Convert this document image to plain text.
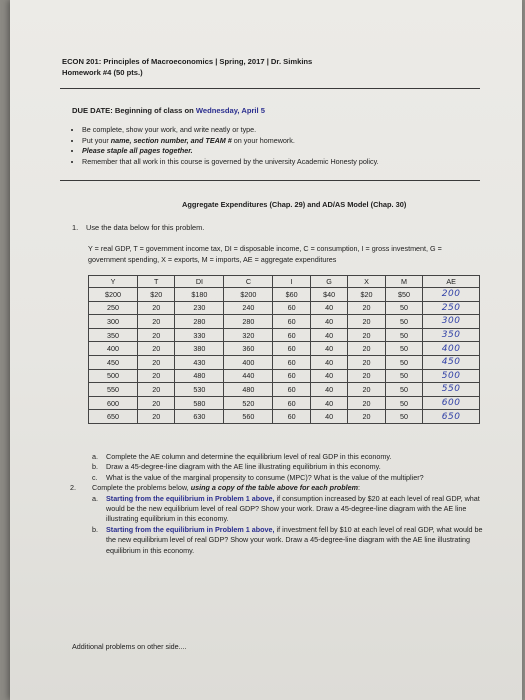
ECON 201: Principles of Macroeconomics | Spring, 2017 | Dr. Simkins
Homework #4 (50 pts.)
DUE DATE: Beginning of class on Wednesday, April 5
• Be complete, show your work, and write neatly or type.
• Put your name, section number, and TEAM # on your homework.
• Please staple all pages together.
• Remember that all work in this course is governed by the university Academic Honesty policy.
Aggregate Expenditures (Chap. 29) and AD/AS Model (Chap. 30)
1. Use the data below for this problem.
Y = real GDP, T = government income tax, DI = disposable income, C = consumption, I = gross investment, G = government spending, X = exports, M = imports, AE = aggregate expenditures
Y	T	DI	C	I	G	X	M	AE
$200	$20	$180	$200	$60	$40	$20	$50	200
250	20	230	240	60	40	20	50	250
300	20	280	280	60	40	20	50	300
350	20	330	320	60	40	20	50	350
400	20	380	360	60	40	20	50	400
450	20	430	400	60	40	20	50	450
500	20	480	440	60	40	20	50	500
550	20	530	480	60	40	20	50	550
600	20	580	520	60	40	20	50	600
650	20	630	560	60	40	20	50	650
a.	Complete the AE column and determine the equilibrium level of real GDP in this economy.
b.	Draw a 45-degree-line diagram with the AE line illustrating equilibrium in this economy.
c.	What is the value of the marginal propensity to consume (MPC)? What is the value of the multiplier?
2.	Complete the problems below, using a copy of the table above for each problem:
a.	Starting from the equilibrium in Problem 1 above, if consumption increased by $20 at each level of real GDP, what would be the new equilibrium level of real GDP? Show your work. Draw a 45-degree-line diagram with the AE line illustrating equilibrium in this economy.
b.	Starting from the equilibrium in Problem 1 above, if investment fell by $10 at each level of real GDP, what would be the new equilibrium level of real GDP? Show your work. Draw a 45-degree-line diagram with the AE line illustrating equilibrium in this economy.
Additional problems on other side....
